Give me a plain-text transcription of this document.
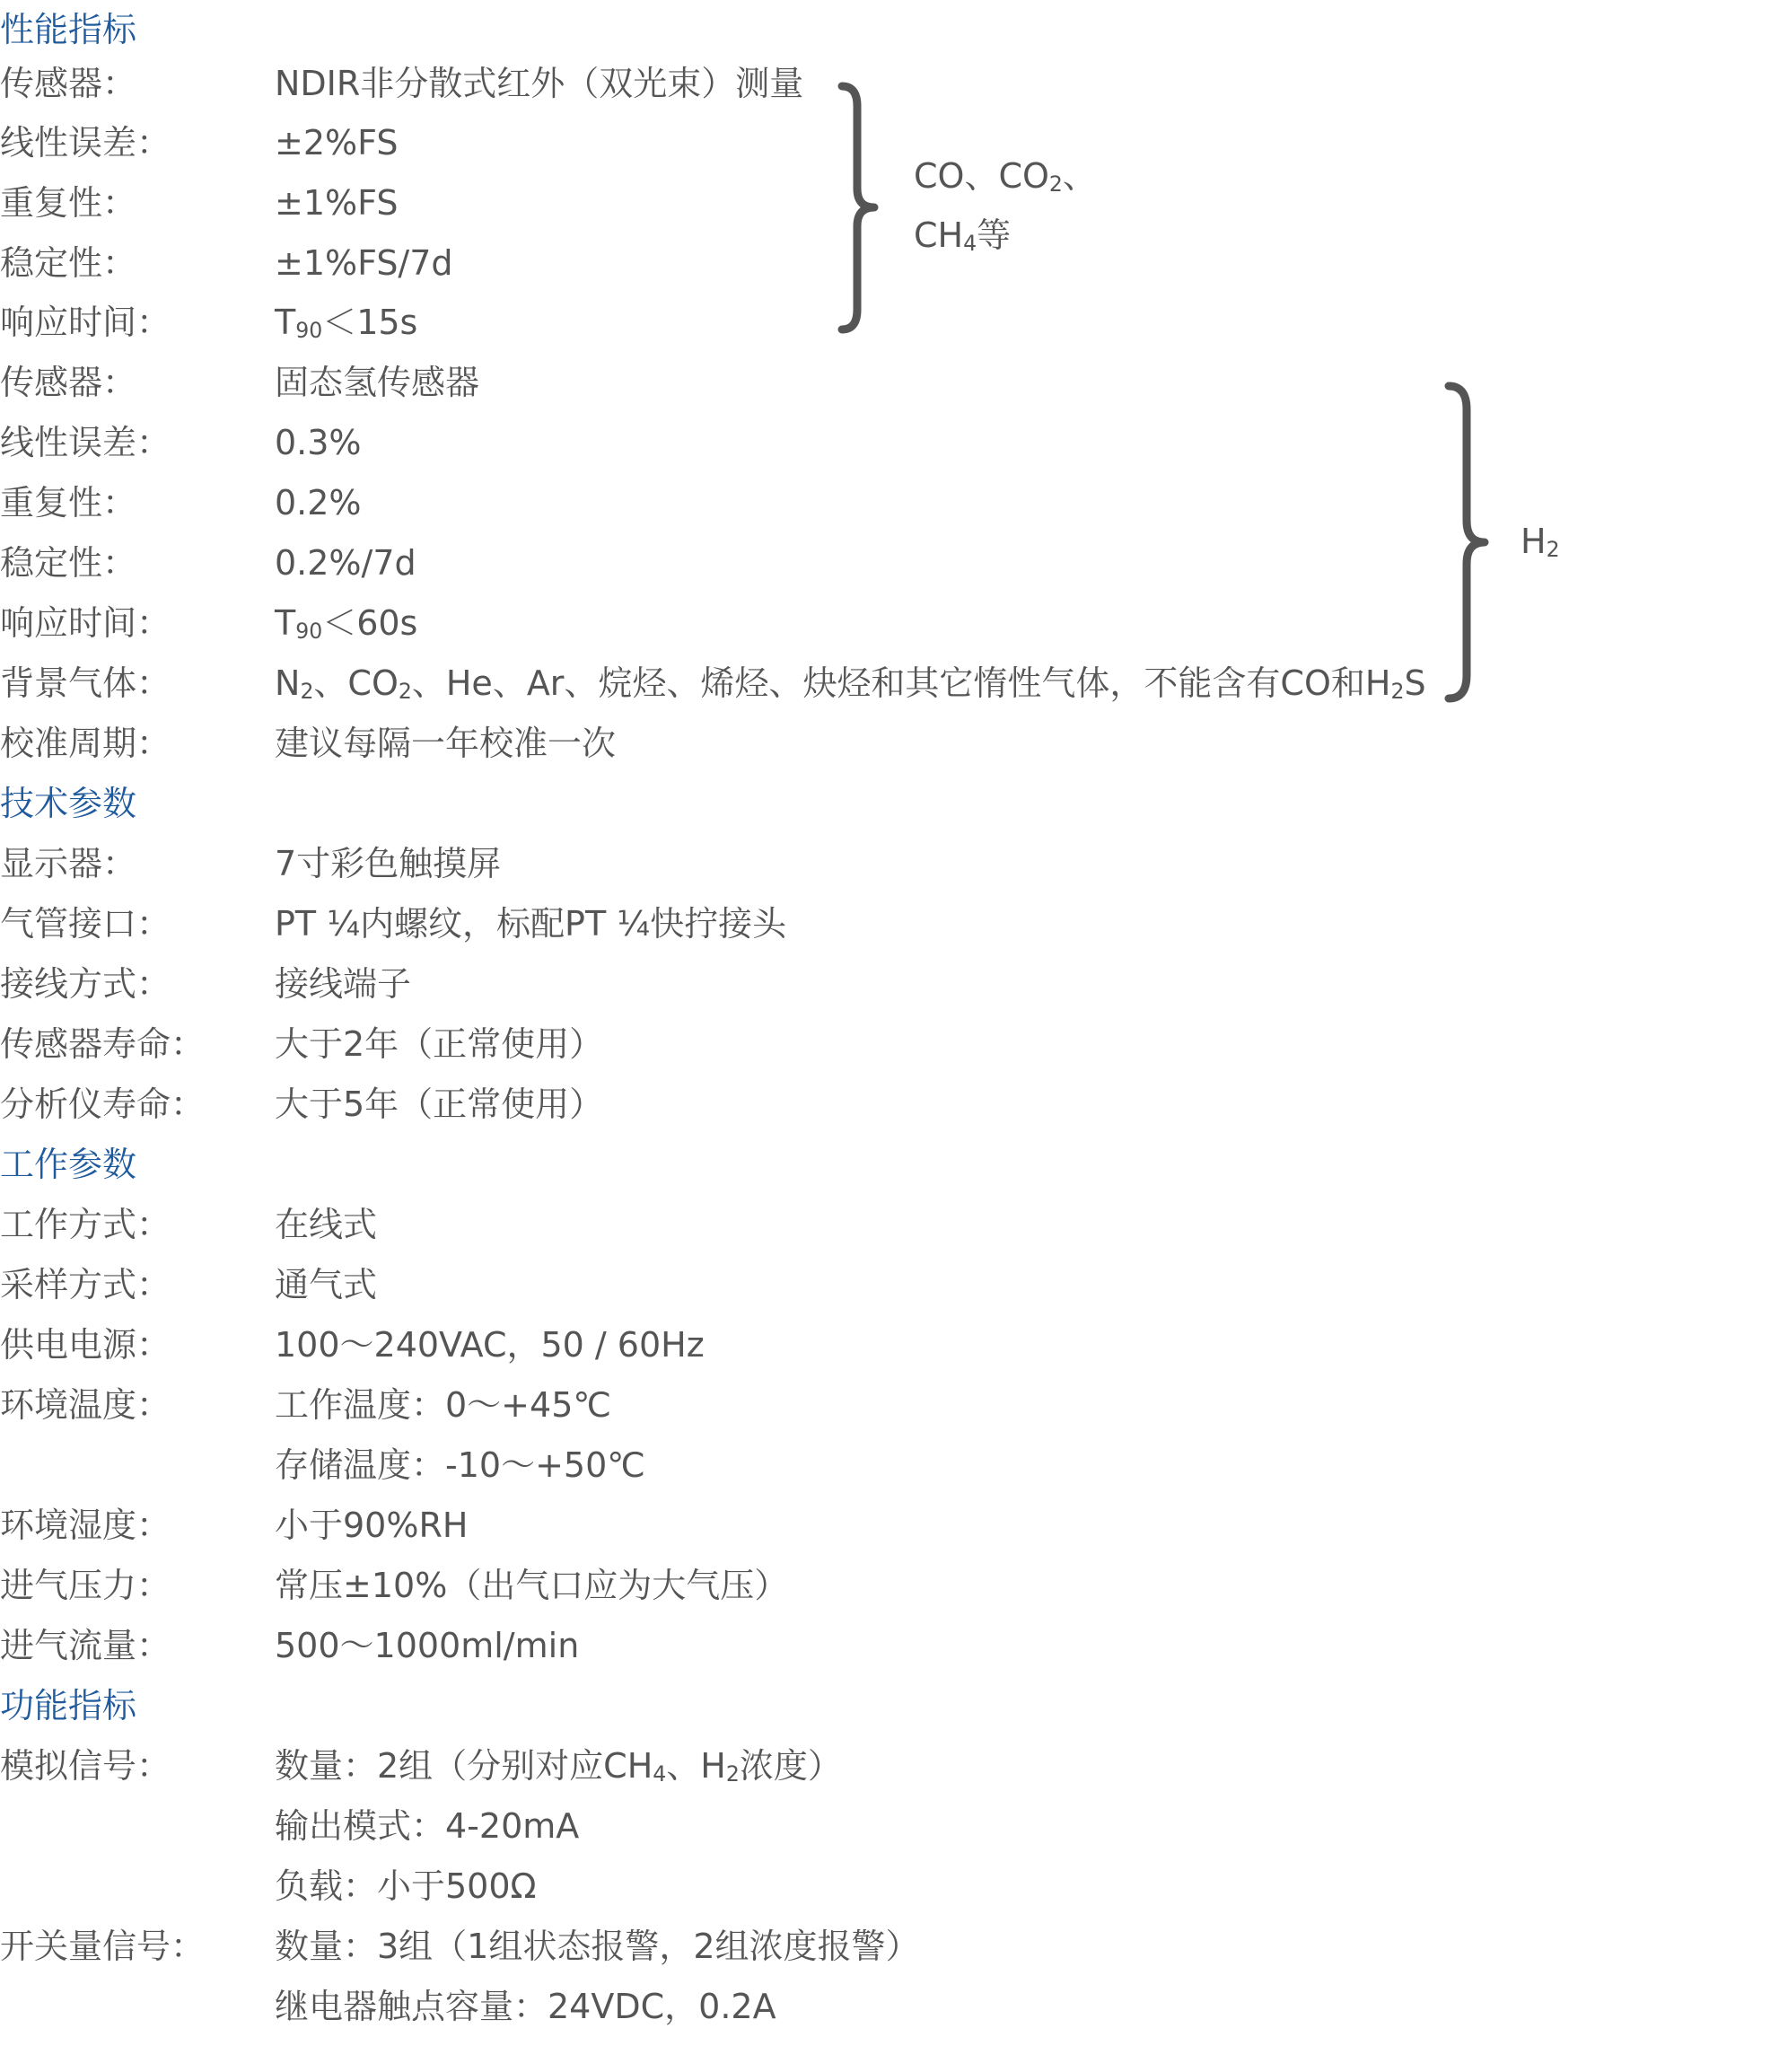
性能指标
传感器：	NDIR非分散式红外（双光束）测量
线性误差：	±2%FS
重复性：	±1%FS
稳定性：	±1%FS/7d
响应时间：	$T_{90}<15s$
传感器：	固态氢传感器
线性误差：	0.3%
重复性：	0.2%
稳定性：	0.2%/7d
响应时间：	$T_{90}<60s$
背景气体：	$N_2$、$CO_2$、He、Ar、烷烃、烯烃、炔烃和其它惰性气体，不能含有CO和$H_2S$
校准周期：	建议每隔一年校准一次
CO、$CO_2$、
$CH_4$等
$H_2$
技术参数
显示器：	7寸彩色触摸屏
气管接口：	PT ¼内螺纹，标配PT ¼快拧接头
接线方式：	接线端子
传感器寿命： 大于2年（正常使用）
分析仪寿命： 大于5年（正常使用）
工作参数
工作方式：	在线式
采样方式：	通气式
供电电源：	100～240VAC，50 / 60Hz
环境温度：	工作温度：0～+45℃
存储温度：-10～+50℃
环境湿度：	小于90%RH
进气压力：	常压±10%（出气口应为大气压）
进气流量：	500～1000ml/min
功能指标
模拟信号：	数量：2组（分别对应$CH_4$、$H_2$浓度）
输出模式：4-20mA
负载：小于500Ω
开关量信号： 数量：3组（1组状态报警，2组浓度报警）
继电器触点容量：24VDC，0.2A
